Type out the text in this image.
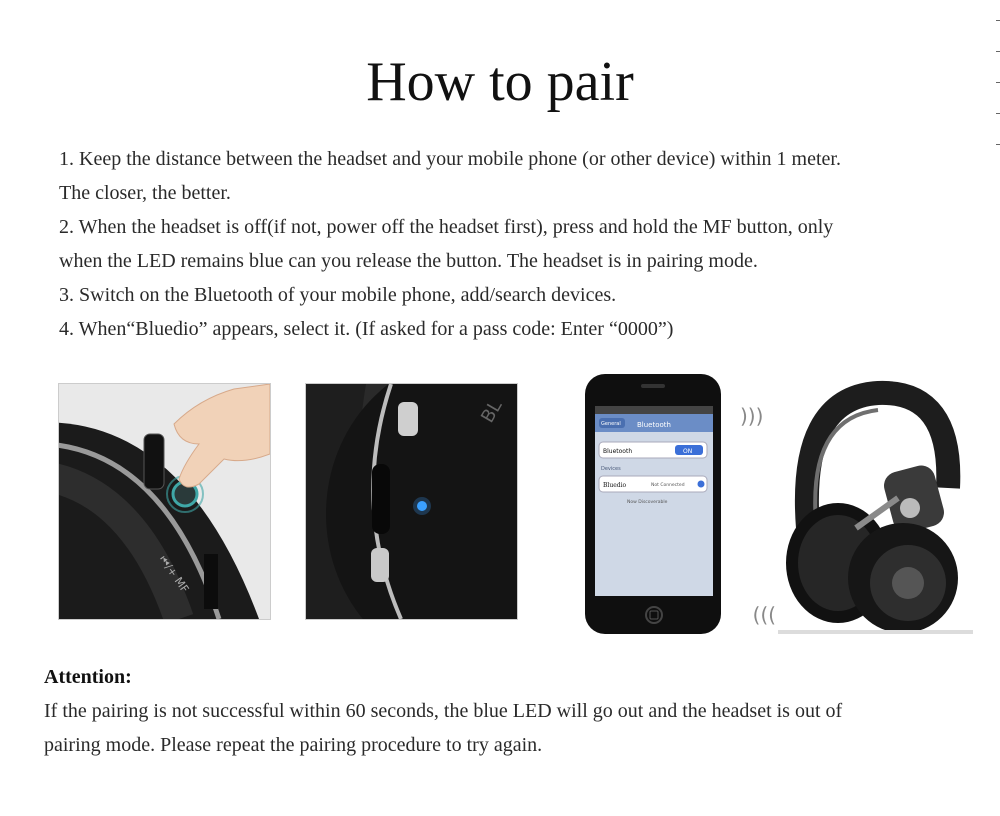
How to pair
1. Keep the distance between the headset and your mobile phone (or other device) within 1 meter.
The closer, the better.
2. When the headset is off(if not, power off the headset first), press and hold the MF button, only
when the LED remains blue can you release the button. The headset is in pairing mode.
3. Switch on the Bluetooth of your mobile phone, add/search devices.
4. When“Bluedio” appears, select it. (If asked for a pass code: Enter “0000”)
⏮/+ MF
BL	General Bluetooth
Bluetooth	ON
Devices
Bluedio	Not Connected
Now Discoverable
)))
)))
Attention:
If the pairing is not successful within 60 seconds, the blue LED will go out and the headset is out of
pairing mode. Please repeat the pairing procedure to try again.
